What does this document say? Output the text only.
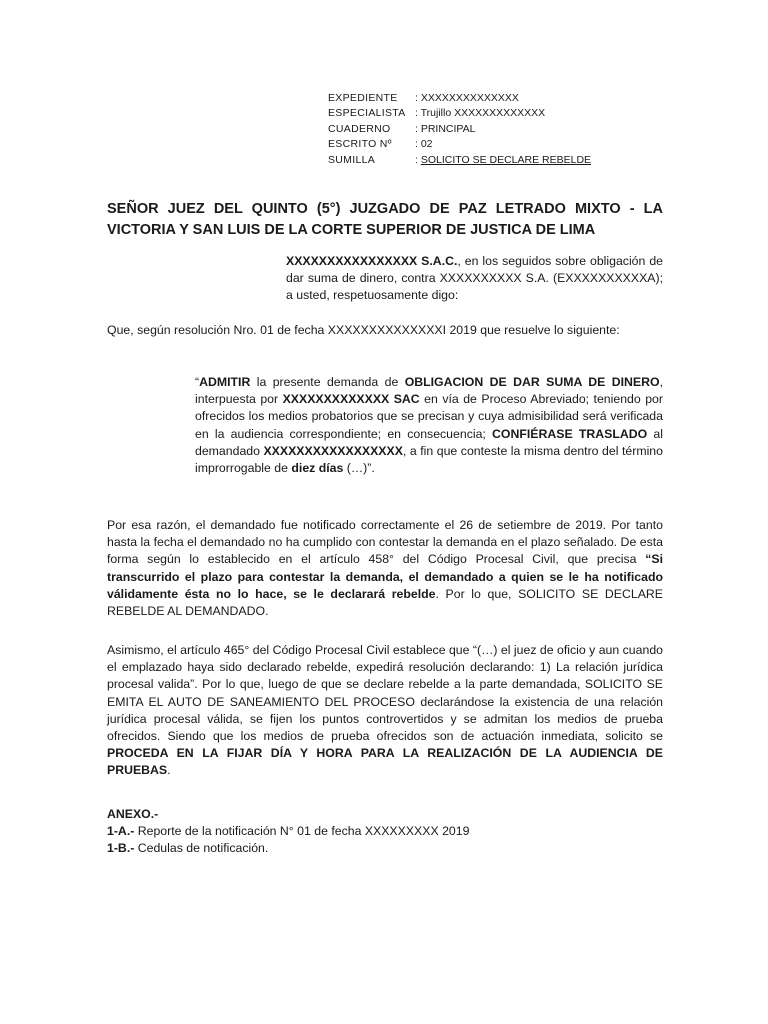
EXPEDIENTE	: XXXXXXXXXXXXXX
ESPECIALISTA : Trujillo XXXXXXXXXXXXX
CUADERNO	: PRINCIPAL
ESCRITO Nº	: 02
SUMILLA	: SOLICITO SE DECLARE REBELDE
SEÑOR JUEZ DEL QUINTO (5°) JUZGADO DE PAZ LETRADO MIXTO - LA VICTORIA Y SAN LUIS DE LA CORTE SUPERIOR DE JUSTICA DE LIMA
XXXXXXXXXXXXXXXX S.A.C., en los seguidos sobre obligación de dar suma de dinero, contra XXXXXXXXXX S.A. (EXXXXXXXXXXA); a usted, respetuosamente digo:
Que, según resolución Nro. 01 de fecha XXXXXXXXXXXXXXI 2019 que resuelve lo siguiente:
“ADMITIR la presente demanda de OBLIGACION DE DAR SUMA DE DINERO, interpuesta por XXXXXXXXXXXXX SAC en vía de Proceso Abreviado; teniendo por ofrecidos los medios probatorios que se precisan y cuya admisibilidad será verificada en la audiencia correspondiente; en consecuencia; CONFIÉRASE TRASLADO al demandado XXXXXXXXXXXXXXXXX, a fin que conteste la misma dentro del término improrrogable de diez días (…)”.
Por esa razón, el demandado fue notificado correctamente el 26 de setiembre de 2019. Por tanto hasta la fecha el demandado no ha cumplido con contestar la demanda en el plazo señalado. De esta forma según lo establecido en el artículo 458° del Código Procesal Civil, que precisa “Si transcurrido el plazo para contestar la demanda, el demandado a quien se le ha notificado válidamente ésta no lo hace, se le declarará rebelde. Por lo que, SOLICITO SE DECLARE REBELDE AL DEMANDADO.
Asimismo, el artículo 465° del Código Procesal Civil establece que “(…) el juez de oficio y aun cuando el emplazado haya sido declarado rebelde, expedirá resolución declarando: 1) La relación jurídica procesal valida”. Por lo que, luego de que se declare rebelde a la parte demandada, SOLICITO SE EMITA EL AUTO DE SANEAMIENTO DEL PROCESO declarándose la existencia de una relación jurídica procesal válida, se fijen los puntos controvertidos y se admitan los medios de prueba ofrecidos. Siendo que los medios de prueba ofrecidos son de actuación inmediata, solicito se PROCEDA EN LA FIJAR DÍA Y HORA PARA LA REALIZACIÓN DE LA AUDIENCIA DE PRUEBAS.
ANEXO.-
1-A.- Reporte de la notificación N° 01 de fecha XXXXXXXXX 2019
1-B.- Cedulas de notificación.
